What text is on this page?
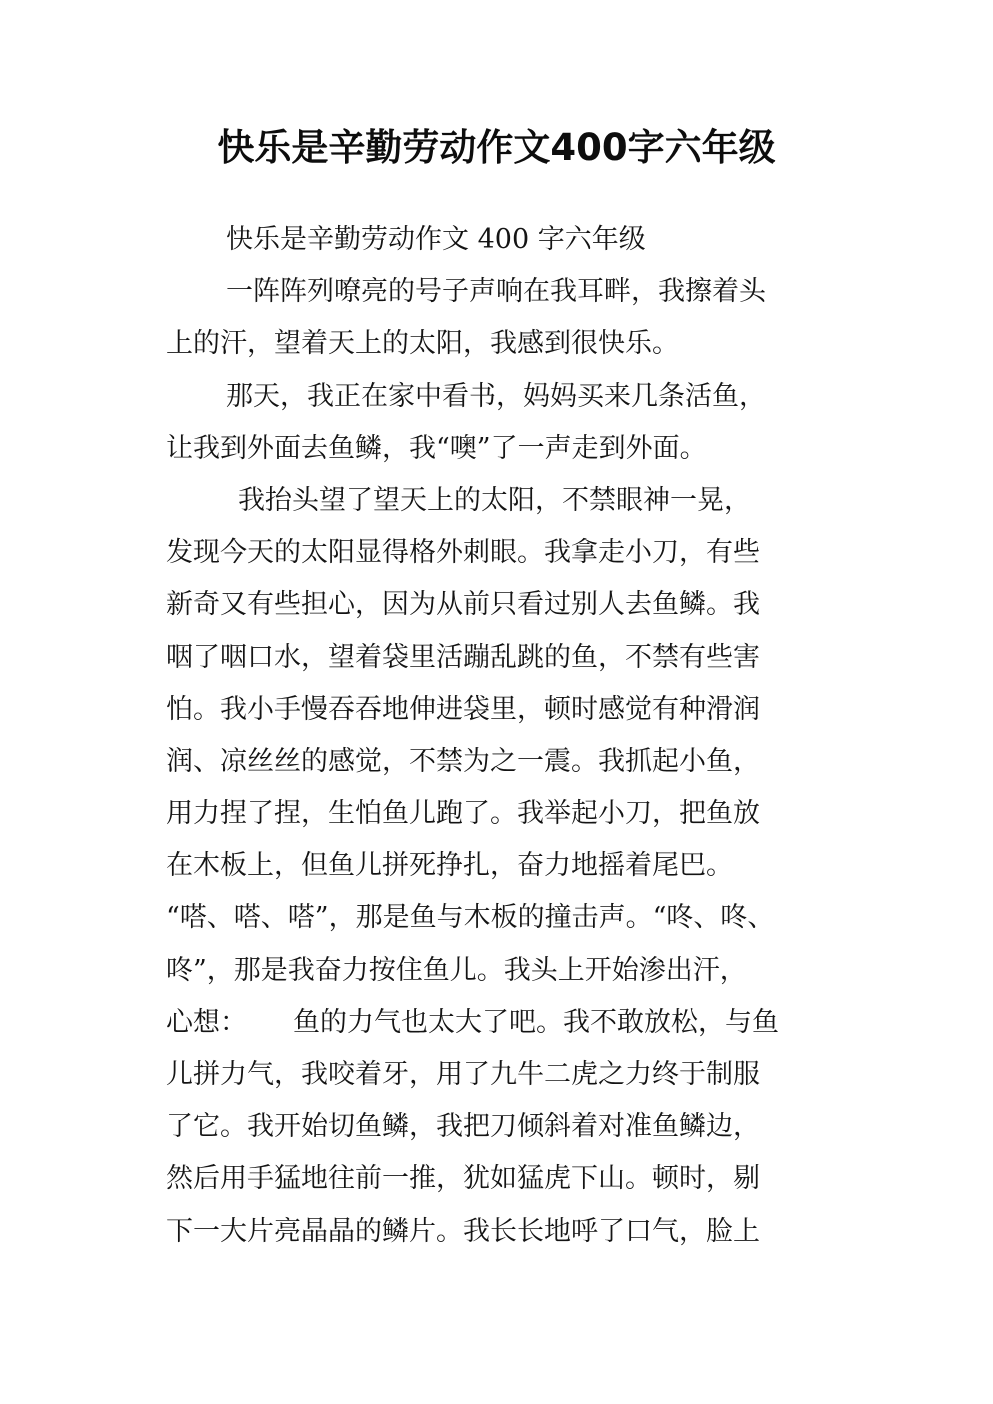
快乐是辛勤劳动作文400字六年级
快乐是辛勤劳动作文 400 字六年级
一阵阵列嘹亮的号子声响在我耳畔，我擦着头
上的汗，望着天上的太阳，我感到很快乐。
那天，我正在家中看书，妈妈买来几条活鱼，
让我到外面去鱼鳞，我“噢”了一声走到外面。
我抬头望了望天上的太阳，不禁眼神一晃，
发现今天的太阳显得格外刺眼。我拿走小刀，有些
新奇又有些担心，因为从前只看过别人去鱼鳞。我
咽了咽口水，望着袋里活蹦乱跳的鱼，不禁有些害
怕。我小手慢吞吞地伸进袋里，顿时感觉有种滑润
润、凉丝丝的感觉，不禁为之一震。我抓起小鱼，
用力捏了捏，生怕鱼儿跑了。我举起小刀，把鱼放
在木板上，但鱼儿拼死挣扎，奋力地摇着尾巴。
“嗒、嗒、嗒”，那是鱼与木板的撞击声。“咚、咚、
咚”，那是我奋力按住鱼儿。我头上开始渗出汗，
心想： 鱼的力气也太大了吧。我不敢放松，与鱼
儿拼力气，我咬着牙，用了九牛二虎之力终于制服
了它。我开始切鱼鳞，我把刀倾斜着对准鱼鳞边，
然后用手猛地往前一推，犹如猛虎下山。顿时，剔
下一大片亮晶晶的鳞片。我长长地呼了口气，脸上
